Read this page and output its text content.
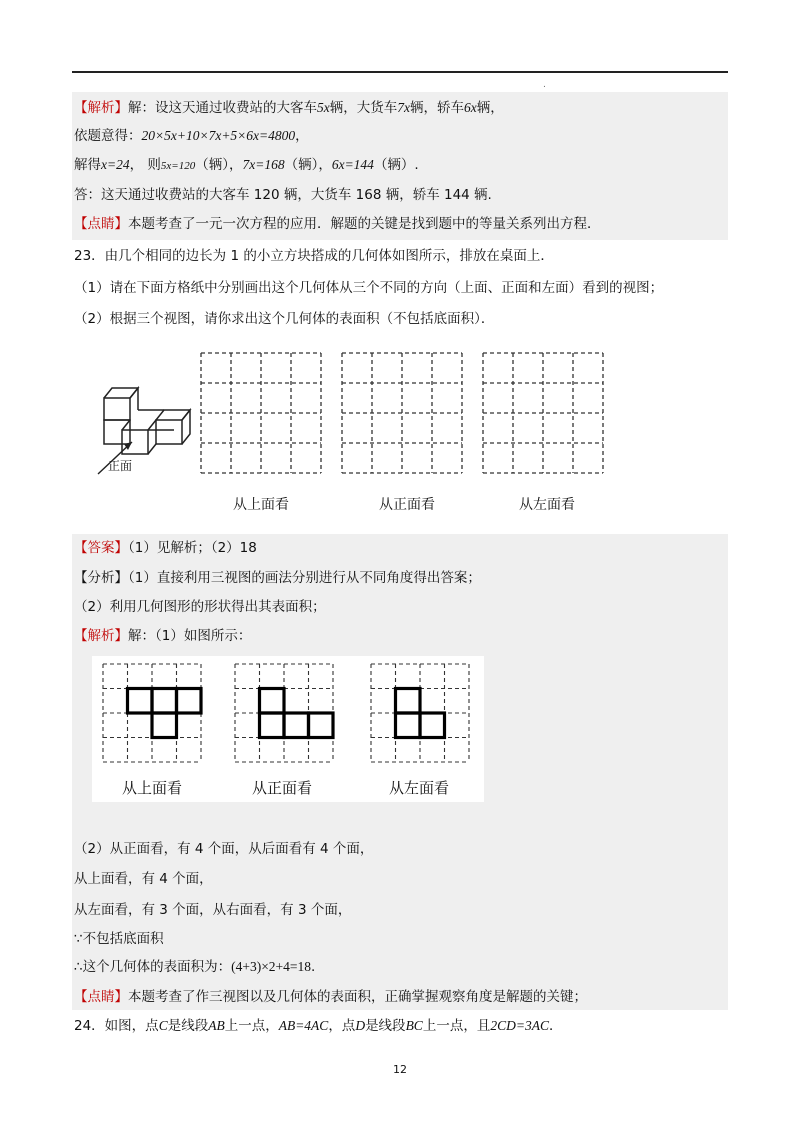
.
【解析】解：设这天通过收费站的大客车5x辆，大货车7x辆，轿车6x辆，
依题意得：20×5x+10×7x+5×6x=4800，
解得x=24， 则5x=120（辆），7x=168（辆），6x=144（辆）.
答：这天通过收费站的大客车 120 辆，大货车 168 辆，轿车 144 辆.
【点睛】本题考查了一元一次方程的应用．解题的关键是找到题中的等量关系列出方程．
23．由几个相同的边长为 1 的小立方块搭成的几何体如图所示，排放在桌面上．
（1）请在下面方格纸中分别画出这个几何体从三个不同的方向（上面、正面和左面）看到的视图；
（2）根据三个视图，请你求出这个几何体的表面积（不包括底面积）．
正面
从上面看	从正面看	从左面看
【答案】（1）见解析；（2）18
【分析】（1）直接利用三视图的画法分别进行从不同角度得出答案；
（2）利用几何图形的形状得出其表面积；
【解析】解：（1）如图所示：
从上面看	从正面看	从左面看
（2）从正面看，有 4 个面，从后面看有 4 个面，
从上面看，有 4 个面，
从左面看，有 3 个面，从右面看，有 3 个面，
∵不包括底面积
∴这个几何体的表面积为：(4+3)×2+4=18.
【点睛】本题考查了作三视图以及几何体的表面积，正确掌握观察角度是解题的关键；
24．如图，点C是线段AB上一点，AB=4AC，点D是线段BC上一点，且2CD=3AC．
12
